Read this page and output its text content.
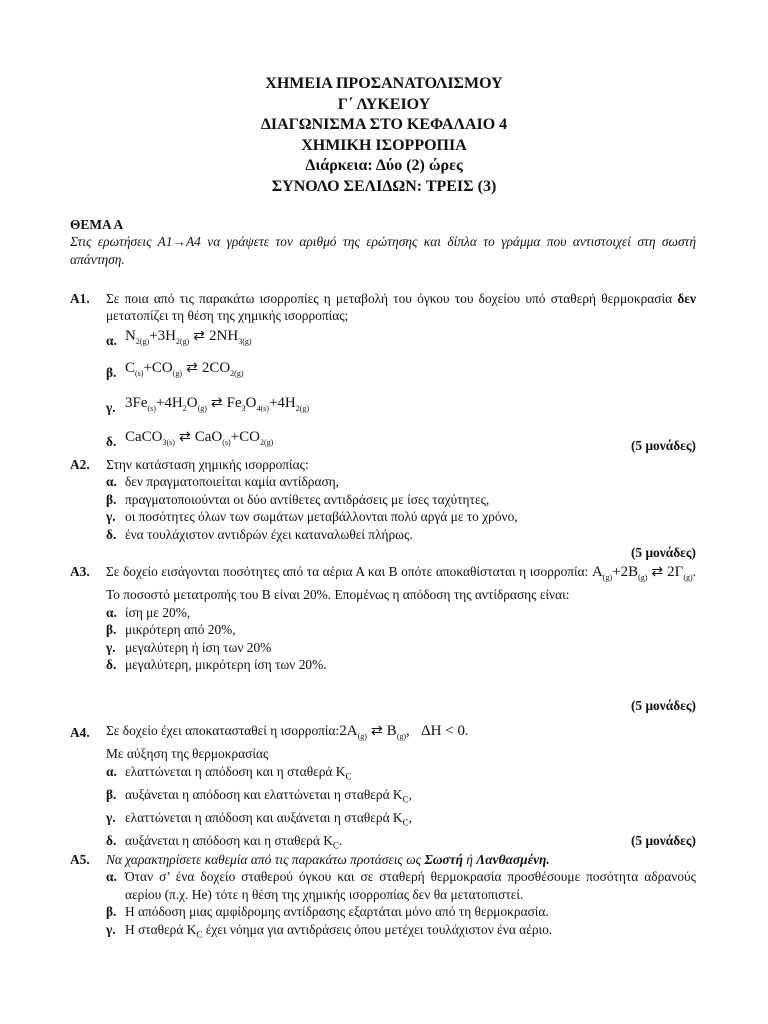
ΧΗΜΕΙΑ ΠΡΟΣΑΝΑΤΟΛΙΣΜΟΥ
Γ΄ ΛΥΚΕΙΟΥ
ΔΙΑΓΩΝΙΣΜΑ ΣΤΟ ΚΕΦΑΛΑΙΟ 4
ΧΗΜΙΚΗ ΙΣΟΡΡΟΠΙΑ
Διάρκεια: Δύο (2) ώρες
ΣΥΝΟΛΟ ΣΕΛΙΔΩΝ: ΤΡΕΙΣ (3)
ΘΕΜΑ Α
Στις ερωτήσεις Α1→Α4 να γράψετε τον αριθμό της ερώτησης και δίπλα το γράμμα που αντιστοιχεί στη σωστή απάντηση.
Α1. Σε ποια από τις παρακάτω ισορροπίες η μεταβολή του όγκου του δοχείου υπό σταθερή θερμοκρασία δεν μετατοπίζει τη θέση της χημικής ισορροπίας;
α. $N_{2(g)}+3H_{2(g)}$ ⇄ $2NH_{3(g)}$
β. $C_{(s)}+CO_{(g)}$ ⇄ $2CO_{2(g)}$
γ. $3Fe_{(s)}+4H_2O_{(g)}$ ⇄ $Fe_3O_{4(s)}+4H_{2(g)}$
δ. CaCO$_{3(s)}$ ⇄ $CaO_{(s)}+CO_{2(g)}$	(5 μονάδες)
Α2. Στην κατάσταση χημικής ισορροπίας:
α. δεν πραγματοποιείται καμία αντίδραση,
β. πραγματοποιούνται οι δύο αντίθετες αντιδράσεις με ίσες ταχύτητες,
γ. οι ποσότητες όλων των σωμάτων μεταβάλλονται πολύ αργά με το χρόνο,
δ. ένα τουλάχιστον αντιδρών έχει καταναλωθεί πλήρως.
(5 μονάδες)
Α3. Σε δοχείο εισάγονται ποσότητες από τα αέρια Α και Β οπότε αποκαθίσταται η ισορροπία: $A_{(g)}+2B_{(g)}$ ⇄ $2\Gamma_{(g)}$. Το ποσοστό μετατροπής του Β είναι 20%. Επομένως η απόδοση της αντίδρασης είναι:
α. ίση με 20%,
β. μικρότερη από 20%,
γ. μεγαλύτερη ή ίση των 20%
δ. μεγαλύτερη, μικρότερη ίση των 20%.
(5 μονάδες)
Α4. Σε δοχείο έχει αποκατασταθεί η $\iota\sigma o\rho\rho o\pi ί\alpha:2A_{(g)}$ ⇄ $B_{(g)}$, ΔH < 0.
Με αύξηση της θερμοκρασίας
α. ελαττώνεται η απόδοση και η σταθερά $K_C$
β. αυξάνεται η απόδοση και ελαττώνεται η σταθερά $K_C$,
γ. ελαττώνεται η απόδοση και αυξάνεται η σταθερά $K_C$,
δ. αυξάνεται η απόδοση και η σταθερά $K_C$.	(5 μονάδες)
Α5. Να χαρακτηρίσετε καθεμία από τις παρακάτω προτάσεις ως Σωστή ή Λανθασμένη.
α. Όταν σ’ ένα δοχείο σταθερού όγκου και σε σταθερή θερμοκρασία προσθέσουμε ποσότητα αδρανούς αερίου (π.χ. He) τότε η θέση της χημικής ισορροπίας δεν θα μετατοπιστεί.
β. Η απόδοση μιας αμφίδρομης αντίδρασης εξαρτάται μόνο από τη θερμοκρασία.
γ. Η σταθερά $K_C$ έχει νόημα για αντιδράσεις όπου μετέχει τουλάχιστον ένα αέριο.
